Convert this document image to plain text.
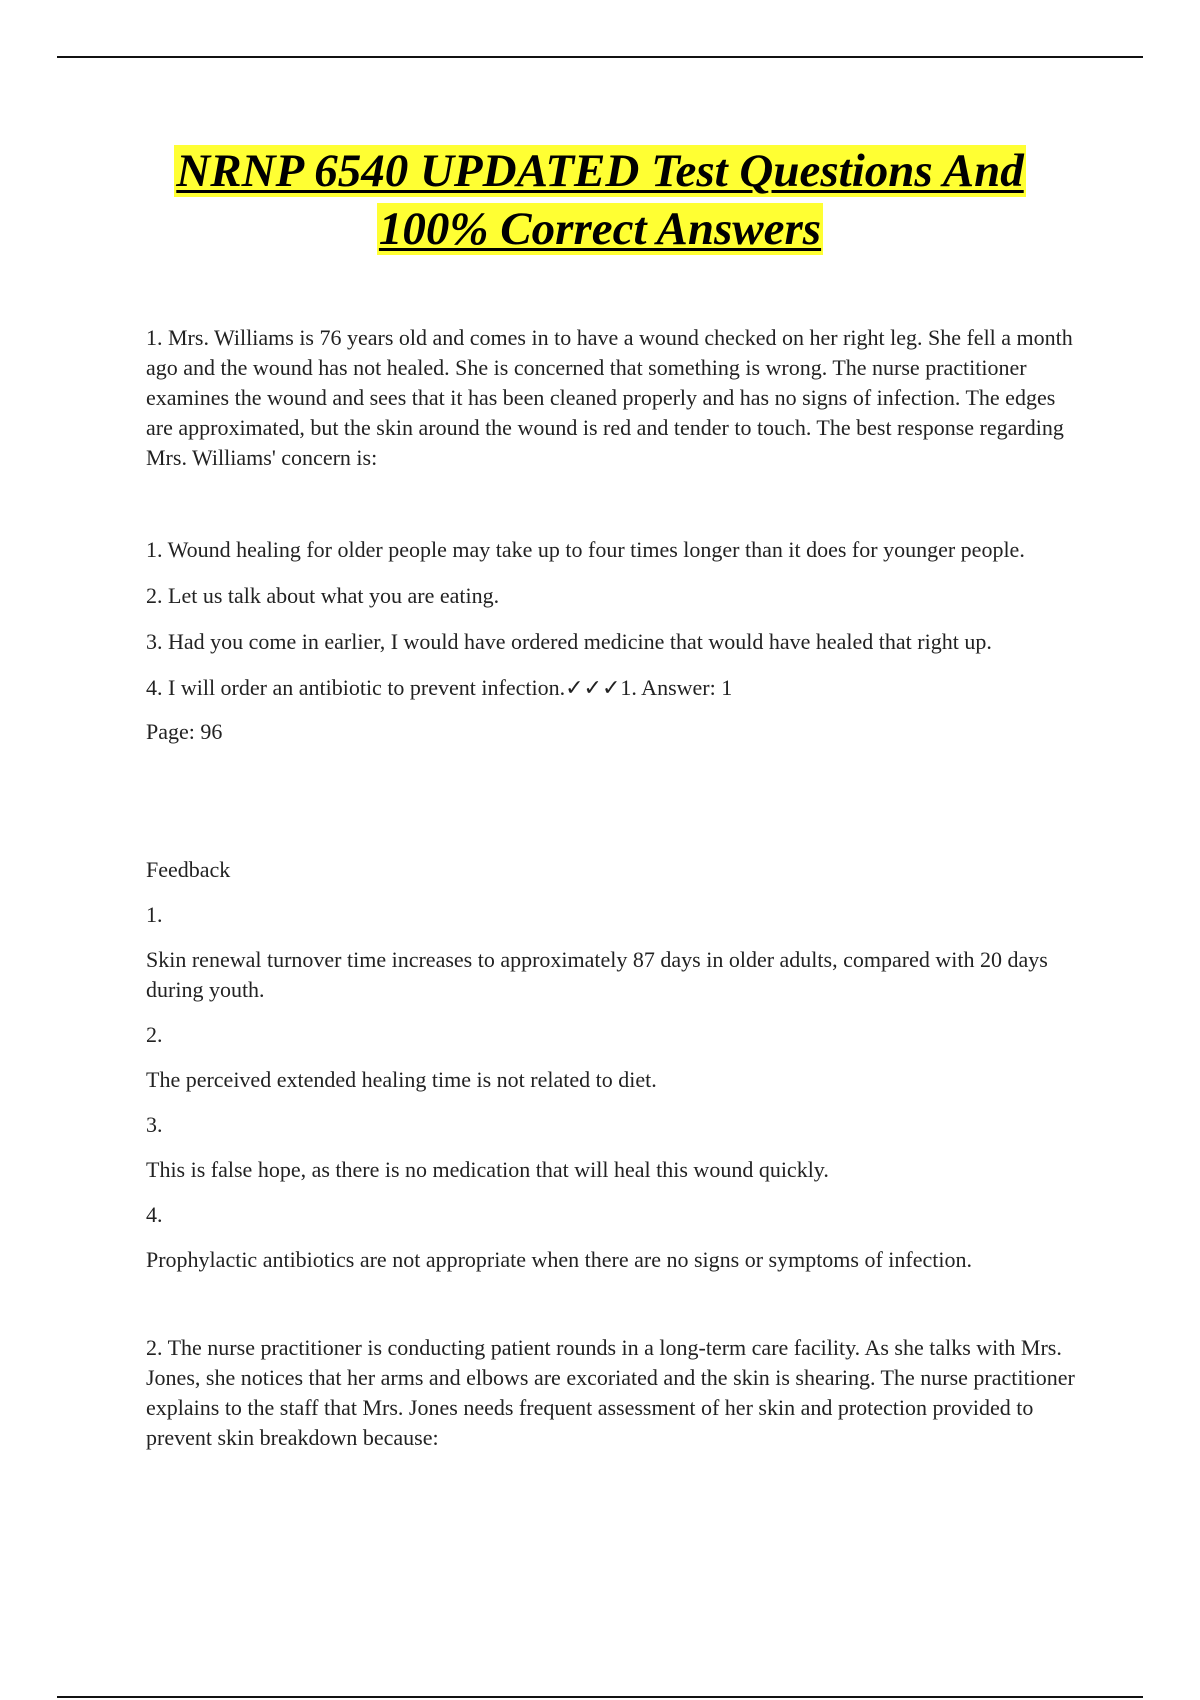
NRNP 6540 UPDATED Test Questions And
100% Correct Answers

1. Mrs. Williams is 76 years old and comes in to have a wound checked on her right leg. She fell a month ago and the wound has not healed. She is concerned that something is wrong. The nurse practitioner examines the wound and sees that it has been cleaned properly and has no signs of infection. The edges are approximated, but the skin around the wound is red and tender to touch. The best response regarding Mrs. Williams' concern is:

1. Wound healing for older people may take up to four times longer than it does for younger people.

2. Let us talk about what you are eating.

3. Had you come in earlier, I would have ordered medicine that would have healed that right up.

4. I will order an antibiotic to prevent infection.✓✓✓1. Answer: 1

Page: 96

Feedback

1.

Skin renewal turnover time increases to approximately 87 days in older adults, compared with 20 days during youth.

2.

The perceived extended healing time is not related to diet.

3.

This is false hope, as there is no medication that will heal this wound quickly.

4.

Prophylactic antibiotics are not appropriate when there are no signs or symptoms of infection.

2. The nurse practitioner is conducting patient rounds in a long-term care facility. As she talks with Mrs. Jones, she notices that her arms and elbows are excoriated and the skin is shearing. The nurse practitioner explains to the staff that Mrs. Jones needs frequent assessment of her skin and protection provided to prevent skin breakdown because:
